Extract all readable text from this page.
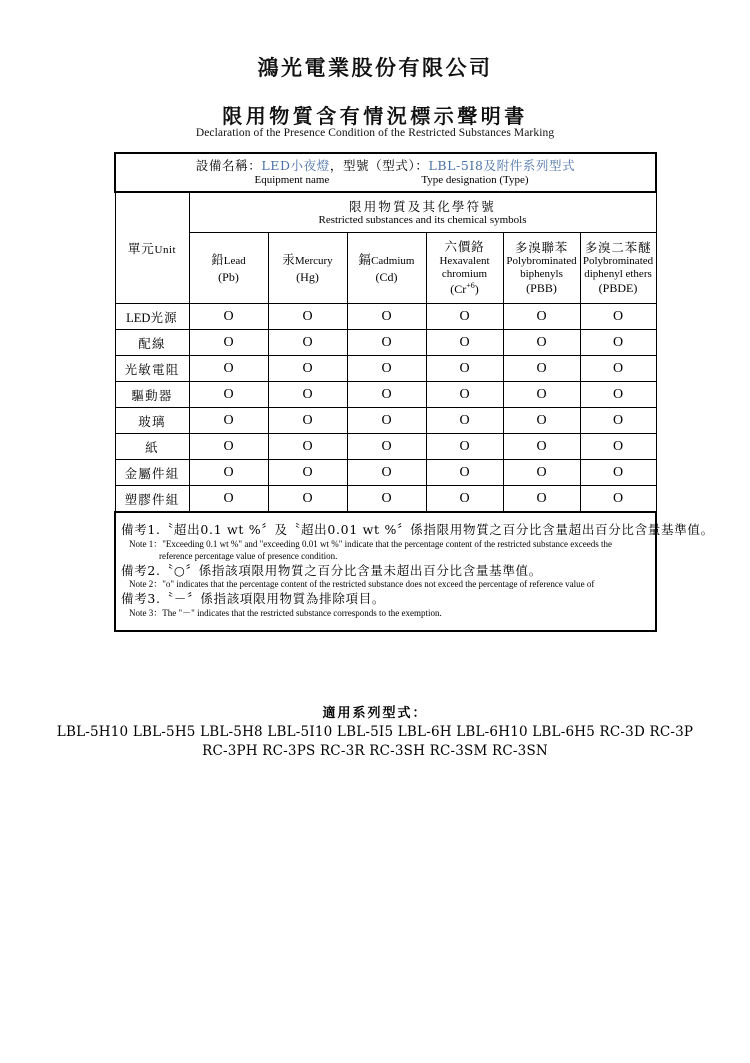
鴻光電業股份有限公司
限用物質含有情況標示聲明書
Declaration of the Presence Condition of the Restricted Substances Marking
設備名稱：LED小夜燈，型號（型式）：LBL-5I8及附件系列型式
Equipment name Type designation (Type)						

單元Unit	限用物質及其化學符號
Restricted substances and its chemical symbols					

鉛Lead
(Pb)

汞Mercury
(Hg)

鎘Cadmium
(Cd)

六價鉻
Hexavalent
chromium
$(Cr^{+6})$

多溴聯苯
Polybrominated
biphenyls
(PBB)

多溴二苯醚
Polybrominated
diphenyl ethers
(PBDE)

LED光源	O	O	O	O	O	O
配線	O	O	O	O	O	O
光敏電阻	O	O	O	O	O	O
驅動器	O	O	O	O	O	O
玻璃	O	O	O	O	O	O
紙	O	O	O	O	O	O
金屬件組	O	O	O	O	O	O
塑膠件組	O	O	O	O	O	O

備考1.〝超出0.1 wt %〞及〝超出0.01 wt %〞係指限用物質之百分比含量超出百分比含量基準值。
Note 1："Exceeding 0.1 wt %" and "exceeding 0.01 wt %" indicate that the percentage content of the restricted substance exceeds the
reference percentage value of presence condition.
備考2.〝○〞係指該項限用物質之百分比含量未超出百分比含量基準值。
Note 2："o" indicates that the percentage content of the restricted substance does not exceed the percentage of reference value of
備考3.〝－〞係指該項限用物質為排除項目。
Note 3：The "－" indicates that the restricted substance corresponds to the exemption.
適用系列型式：
LBL-5H10 LBL-5H5 LBL-5H8 LBL-5I10 LBL-5I5 LBL-6H LBL-6H10 LBL-6H5 RC-3D RC-3P
RC-3PH RC-3PS RC-3R RC-3SH RC-3SM RC-3SN
